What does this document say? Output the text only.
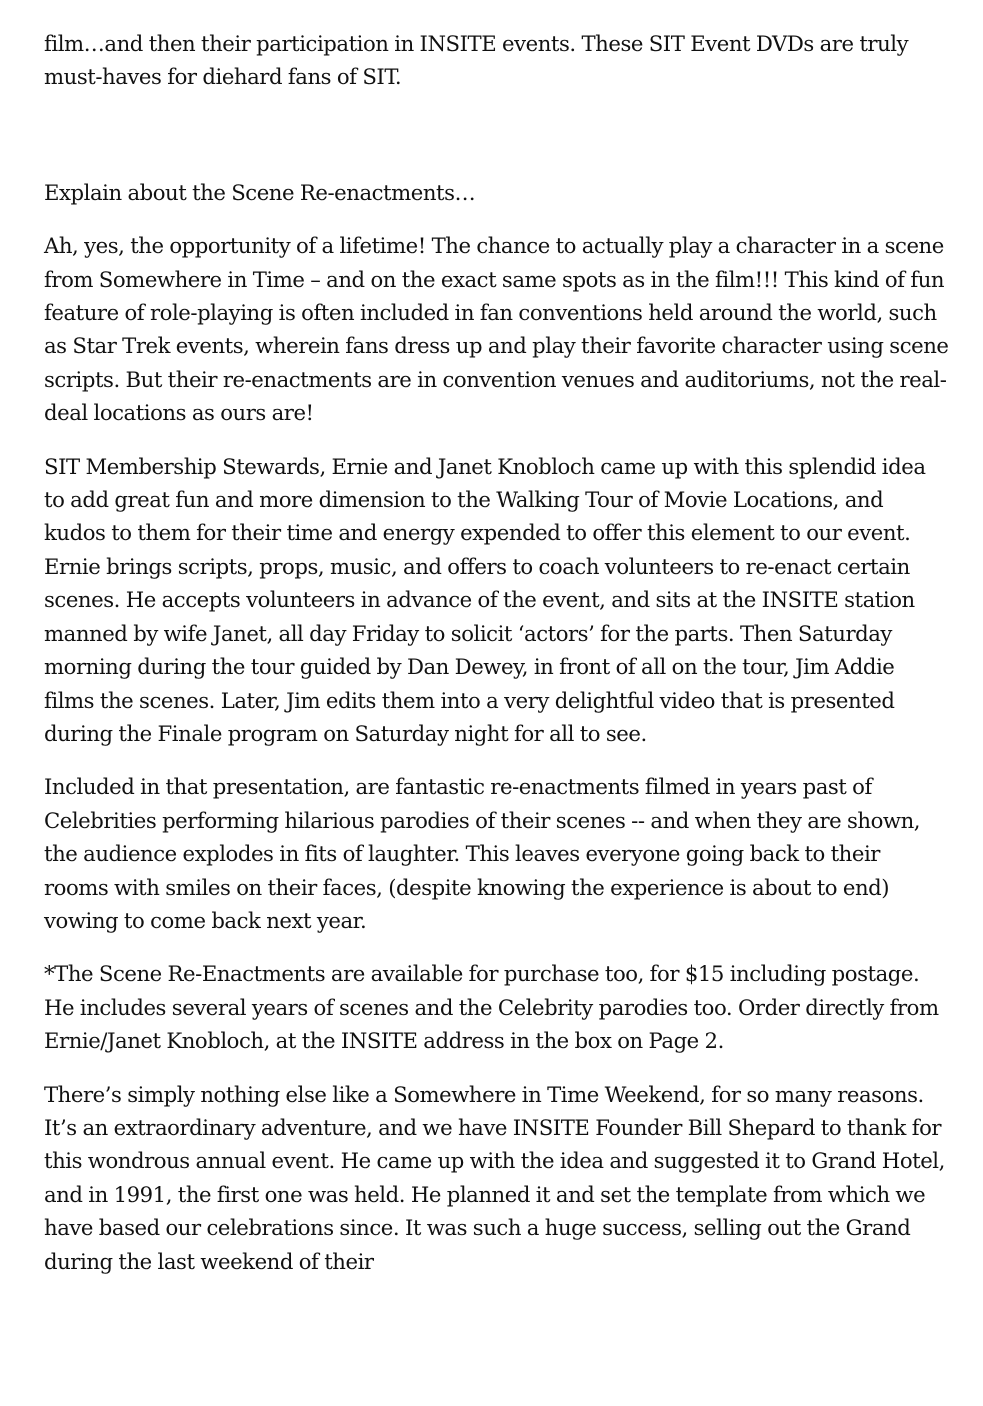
film…and then their participation in INSITE events. These SIT Event DVDs are truly must-haves for diehard fans of SIT.

Explain about the Scene Re-enactments…

Ah, yes, the opportunity of a lifetime! The chance to actually play a character in a scene from Somewhere in Time – and on the exact same spots as in the film!!! This kind of fun feature of role-playing is often included in fan conventions held around the world, such as Star Trek events, wherein fans dress up and play their favorite character using scene scripts. But their re-enactments are in convention venues and auditoriums, not the real-deal locations as ours are!

SIT Membership Stewards, Ernie and Janet Knobloch came up with this splendid idea to add great fun and more dimension to the Walking Tour of Movie Locations, and kudos to them for their time and energy expended to offer this element to our event. Ernie brings scripts, props, music, and offers to coach volunteers to re-enact certain scenes. He accepts volunteers in advance of the event, and sits at the INSITE station manned by wife Janet, all day Friday to solicit ‘actors’ for the parts. Then Saturday morning during the tour guided by Dan Dewey, in front of all on the tour, Jim Addie films the scenes. Later, Jim edits them into a very delightful video that is presented during the Finale program on Saturday night for all to see.

Included in that presentation, are fantastic re-enactments filmed in years past of Celebrities performing hilarious parodies of their scenes -- and when they are shown, the audience explodes in fits of laughter. This leaves everyone going back to their rooms with smiles on their faces, (despite knowing the experience is about to end) vowing to come back next year.

*The Scene Re-Enactments are available for purchase too, for $15 including postage. He includes several years of scenes and the Celebrity parodies too. Order directly from Ernie/Janet Knobloch, at the INSITE address in the box on Page 2.

There’s simply nothing else like a Somewhere in Time Weekend, for so many reasons. It’s an extraordinary adventure, and we have INSITE Founder Bill Shepard to thank for this wondrous annual event. He came up with the idea and suggested it to Grand Hotel, and in 1991, the first one was held. He planned it and set the template from which we have based our celebrations since. It was such a huge success, selling out the Grand during the last weekend of their
